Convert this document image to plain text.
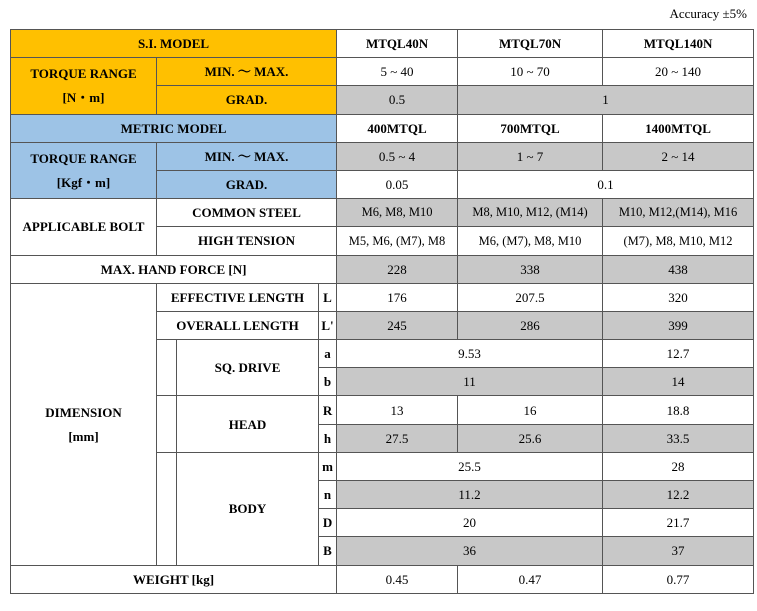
Accuracy ±5%
S.I. MODEL				MTQL40N	MTQL70N	MTQL140N

TORQUE RANGE
[N・m]	MIN. ～ MAX.			5 ~ 40	10 ~ 70	20 ~ 140
	GRAD.			0.5	1	
METRIC MODEL				400MTQL	700MTQL	1400MTQL

TORQUE RANGE
[Kgf・m]	MIN. ～ MAX.			0.5 ~ 4	1 ~ 7	2 ~ 14
	GRAD.			0.05	0.1	
APPLICABLE BOLT	COMMON STEEL			M6, M8, M10	M8, M10, M12, (M14)	M10, M12,(M14), M16
	HIGH TENSION			M5, M6, (M7), M8	M6, (M7), M8, M10	(M7), M8, M10, M12
MAX. HAND FORCE [N]				228	338	438

DIMENSION
[mm]	EFFECTIVE LENGTH		L	176	207.5	320
	OVERALL LENGTH		L'	245	286	399
		SQ. DRIVE	a	9.53		12.7
			b	11		14
		HEAD	R	13	16	18.8
			h	27.5	25.6	33.5
		BODY	m	25.5		28
			n	11.2		12.2
			D	20		21.7
			B	36		37
WEIGHT [kg]				0.45	0.47	0.77
